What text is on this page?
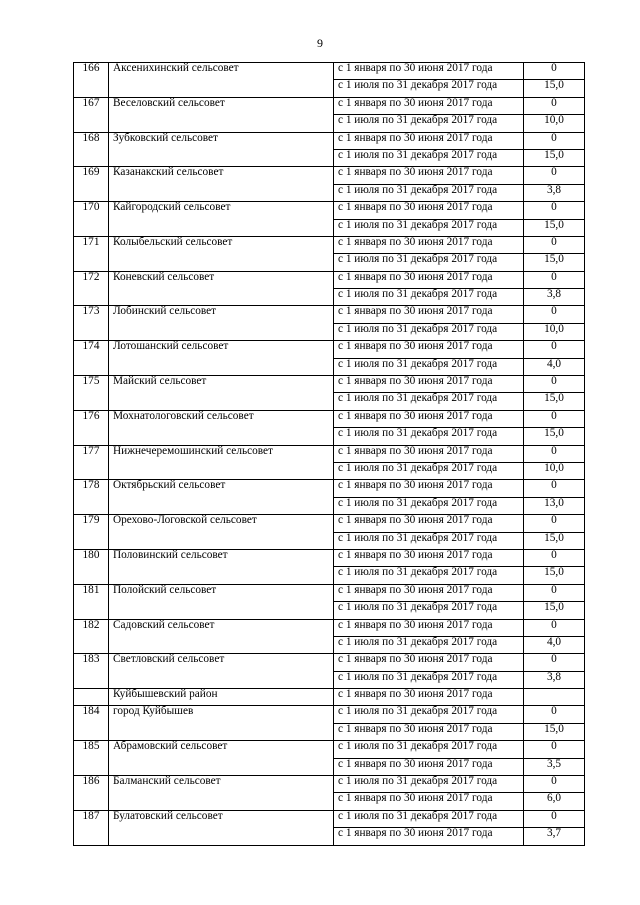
9
166	Аксенихинский сельсовет	с 1 января по 30 июня 2017 года	0
		с 1 июля по 31 декабря 2017 года	15,0
167	Веселовский сельсовет	с 1 января по 30 июня 2017 года	0
		с 1 июля по 31 декабря 2017 года	10,0
168	Зубковский сельсовет	с 1 января по 30 июня 2017 года	0
		с 1 июля по 31 декабря 2017 года	15,0
169	Казанакский сельсовет	с 1 января по 30 июня 2017 года	0
		с 1 июля по 31 декабря 2017 года	3,8
170	Кайгородский сельсовет	с 1 января по 30 июня 2017 года	0
		с 1 июля по 31 декабря 2017 года	15,0
171	Колыбельский сельсовет	с 1 января по 30 июня 2017 года	0
		с 1 июля по 31 декабря 2017 года	15,0
172	Коневский сельсовет	с 1 января по 30 июня 2017 года	0
		с 1 июля по 31 декабря 2017 года	3,8
173	Лобинский сельсовет	с 1 января по 30 июня 2017 года	0
		с 1 июля по 31 декабря 2017 года	10,0
174	Лотошанский сельсовет	с 1 января по 30 июня 2017 года	0
		с 1 июля по 31 декабря 2017 года	4,0
175	Майский сельсовет	с 1 января по 30 июня 2017 года	0
		с 1 июля по 31 декабря 2017 года	15,0
176	Мохнатологовский сельсовет	с 1 января по 30 июня 2017 года	0
		с 1 июля по 31 декабря 2017 года	15,0
177	Нижнечеремошинский сельсовет	с 1 января по 30 июня 2017 года	0
		с 1 июля по 31 декабря 2017 года	10,0
178	Октябрьский сельсовет	с 1 января по 30 июня 2017 года	0
		с 1 июля по 31 декабря 2017 года	13,0
179	Орехово-Логовской сельсовет	с 1 января по 30 июня 2017 года	0
		с 1 июля по 31 декабря 2017 года	15,0
180	Половинский сельсовет	с 1 января по 30 июня 2017 года	0
		с 1 июля по 31 декабря 2017 года	15,0
181	Полойский сельсовет	с 1 января по 30 июня 2017 года	0
		с 1 июля по 31 декабря 2017 года	15,0
182	Садовский сельсовет	с 1 января по 30 июня 2017 года	0
		с 1 июля по 31 декабря 2017 года	4,0
183	Светловский сельсовет	с 1 января по 30 июня 2017 года	0
		с 1 июля по 31 декабря 2017 года	3,8
	Куйбышевский район	с 1 января по 30 июня 2017 года	
184	город Куйбышев	с 1 июля по 31 декабря 2017 года	0
		с 1 января по 30 июня 2017 года	15,0
185	Абрамовский сельсовет	с 1 июля по 31 декабря 2017 года	0
		с 1 января по 30 июня 2017 года	3,5
186	Балманский сельсовет	с 1 июля по 31 декабря 2017 года	0
		с 1 января по 30 июня 2017 года	6,0
187	Булатовский сельсовет	с 1 июля по 31 декабря 2017 года	0
		с 1 января по 30 июня 2017 года	3,7
